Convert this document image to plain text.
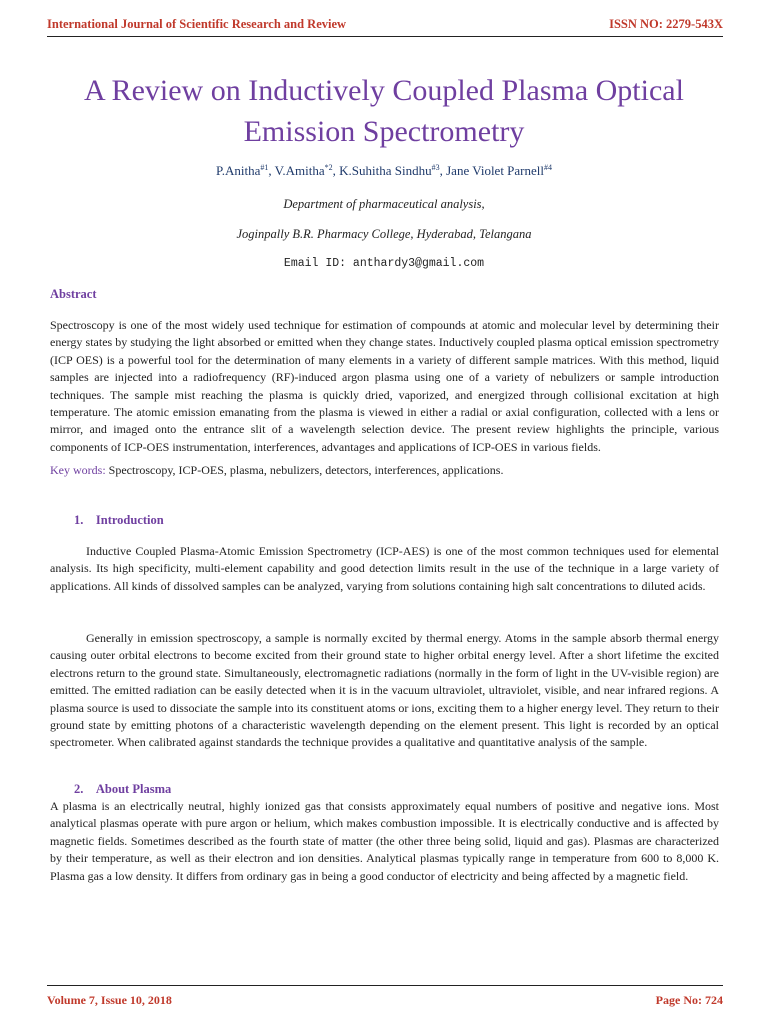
International Journal of Scientific Research and Review	ISSN NO: 2279-543X
A Review on Inductively Coupled Plasma Optical Emission Spectrometry
P.Anitha$^{\#1}$, V.Amitha$^{*2}$, K.Suhitha Sindhu$^{\#3}$, Jane Violet Parnell$^{\#4}$
Department of pharmaceutical analysis,
Joginpally B.R. Pharmacy College, Hyderabad, Telangana
Email ID: anthardy3@gmail.com
Abstract

Spectroscopy is one of the most widely used technique for estimation of compounds at atomic and molecular level by determining their energy states by studying the light absorbed or emitted when they change states. Inductively coupled plasma optical emission spectrometry (ICP OES) is a powerful tool for the determination of many elements in a variety of different sample matrices. With this method, liquid samples are injected into a radiofrequency (RF)-induced argon plasma using one of a variety of nebulizers or sample introduction techniques. The sample mist reaching the plasma is quickly dried, vaporized, and energized through collisional excitation at high temperature. The atomic emission emanating from the plasma is viewed in either a radial or axial configuration, collected with a lens or mirror, and imaged onto the entrance slit of a wavelength selection device. The present review highlights the principle, various components of ICP-OES instrumentation, interferences, advantages and applications of ICP-OES in various fields.

Key words: Spectroscopy, ICP-OES, plasma, nebulizers, detectors, interferences, applications.

1. Introduction

Inductive Coupled Plasma-Atomic Emission Spectrometry (ICP-AES) is one of the most common techniques used for elemental analysis. Its high specificity, multi-element capability and good detection limits result in the use of the technique in a large variety of applications. All kinds of dissolved samples can be analyzed, varying from solutions containing high salt concentrations to diluted acids.

Generally in emission spectroscopy, a sample is normally excited by thermal energy. Atoms in the sample absorb thermal energy causing outer orbital electrons to become excited from their ground state to higher orbital energy level. After a short lifetime the excited electrons return to the ground state. Simultaneously, electromagnetic radiations (normally in the form of light in the UV-visible region) are emitted. The emitted radiation can be easily detected when it is in the vacuum ultraviolet, ultraviolet, visible, and near infrared regions. A plasma source is used to dissociate the sample into its constituent atoms or ions, exciting them to a higher energy level. They return to their ground state by emitting photons of a characteristic wavelength depending on the element present. This light is recorded by an optical spectrometer. When calibrated against standards the technique provides a qualitative and quantitative analysis of the sample.

2. About Plasma

A plasma is an electrically neutral, highly ionized gas that consists approximately equal numbers of positive and negative ions. Most analytical plasmas operate with pure argon or helium, which makes combustion impossible. It is electrically conductive and is affected by magnetic fields. Sometimes described as the fourth state of matter (the other three being solid, liquid and gas). Plasmas are characterized by their temperature, as well as their electron and ion densities. Analytical plasmas typically range in temperature from 600 to 8,000 K. Plasma gas a low density. It differs from ordinary gas in being a good conductor of electricity and being affected by a magnetic field.

Volume 7, Issue 10, 2018	Page No: 724
